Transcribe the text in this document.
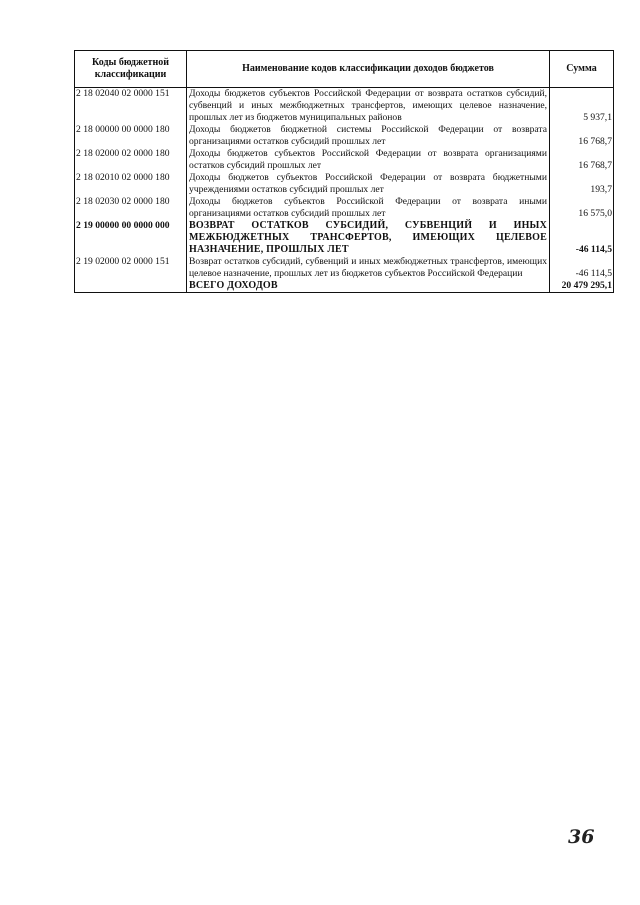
Коды бюджетной классификации	Наименование кодов классификации доходов бюджетов	Сумма
2 18 02040 02 0000 151	Доходы бюджетов субъектов Российской Федерации от возврата остатков субсидий, субвенций и иных межбюджетных трансфертов, имеющих целевое назначение, прошлых лет из бюджетов муниципальных районов	5 937,1
2 18 00000 00 0000 180	Доходы бюджетов бюджетной системы Российской Федерации от возврата организациями остатков субсидий прошлых лет	16 768,7
2 18 02000 02 0000 180	Доходы бюджетов субъектов Российской Федерации от возврата организациями остатков субсидий прошлых лет	16 768,7
2 18 02010 02 0000 180	Доходы бюджетов субъектов Российской Федерации от возврата бюджетными учреждениями остатков субсидий прошлых лет	193,7
2 18 02030 02 0000 180	Доходы бюджетов субъектов Российской Федерации от возврата иными организациями остатков субсидий прошлых лет	16 575,0
2 19 00000 00 0000 000	ВОЗВРАТ ОСТАТКОВ СУБСИДИЙ, СУБВЕНЦИЙ И ИНЫХ МЕЖБЮДЖЕТНЫХ ТРАНСФЕРТОВ, ИМЕЮЩИХ ЦЕЛЕВОЕ НАЗНАЧЕНИЕ, ПРОШЛЫХ ЛЕТ	-46 114,5
2 19 02000 02 0000 151	Возврат остатков субсидий, субвенций и иных межбюджетных трансфертов, имеющих целевое назначение, прошлых лет из бюджетов субъектов Российской Федерации	-46 114,5
	ВСЕГО ДОХОДОВ	20 479 295,1
36
